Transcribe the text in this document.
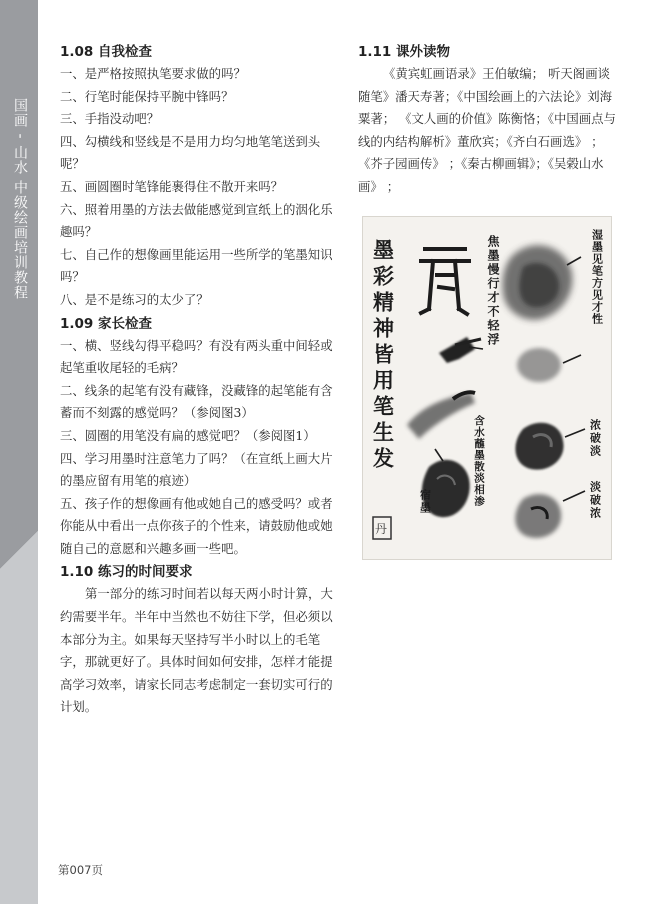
国画 - 山水 中级绘画培训教程
1.08 自我检查

一、是严格按照执笔要求做的吗？

二、行笔时能保持平腕中锋吗？

三、手指没动吧？

四、勾横线和竖线是不是用力均匀地笔笔送到头呢？

五、画圆圈时笔锋能裹得住不散开来吗？

六、照着用墨的方法去做能感觉到宣纸上的洇化乐趣吗？

七、自己作的想像画里能运用一些所学的笔墨知识吗？

八、是不是练习的太少了？

1.09 家长检查

一、横、竖线勾得平稳吗？有没有两头重中间轻或起笔重收尾轻的毛病？

二、线条的起笔有没有藏锋，没藏锋的起笔能有含蓄而不刻露的感觉吗？（参阅图3）

三、圆圈的用笔没有扁的感觉吧？（参阅图1）

四、学习用墨时注意笔力了吗？（在宣纸上画大片的墨应留有用笔的痕迹）

五、孩子作的想像画有他或她自己的感受吗？或者你能从中看出一点你孩子的个性来，请鼓励他或她随自己的意愿和兴趣多画一些吧。

1.10 练习的时间要求

第一部分的练习时间若以每天两小时计算，大约需要半年。半年中当然也不妨往下学，但必须以本部分为主。如果每天坚持写半小时以上的毛笔字，那就更好了。具体时间如何安排，怎样才能提高学习效率，请家长同志考虑制定一套切实可行的计划。

1.11 课外读物

《黄宾虹画语录》王伯敏编； 听天阁画谈随笔》潘天寿著；《中国绘画上的六法论》刘海粟著； 《文人画的价值》陈衡恪；《中国画点与线的内结构解析》董欣宾；《齐白石画选》 ；《芥子园画传》 ；《秦古柳画辑》；《吴榖山水画》 ；

墨彩精神皆用笔生发	焦墨慢行才不轻浮	湿墨见笔方见才性
含水蘸墨散淡相渗	浓破淡
淡破浓
宿墨
丹
第007页
